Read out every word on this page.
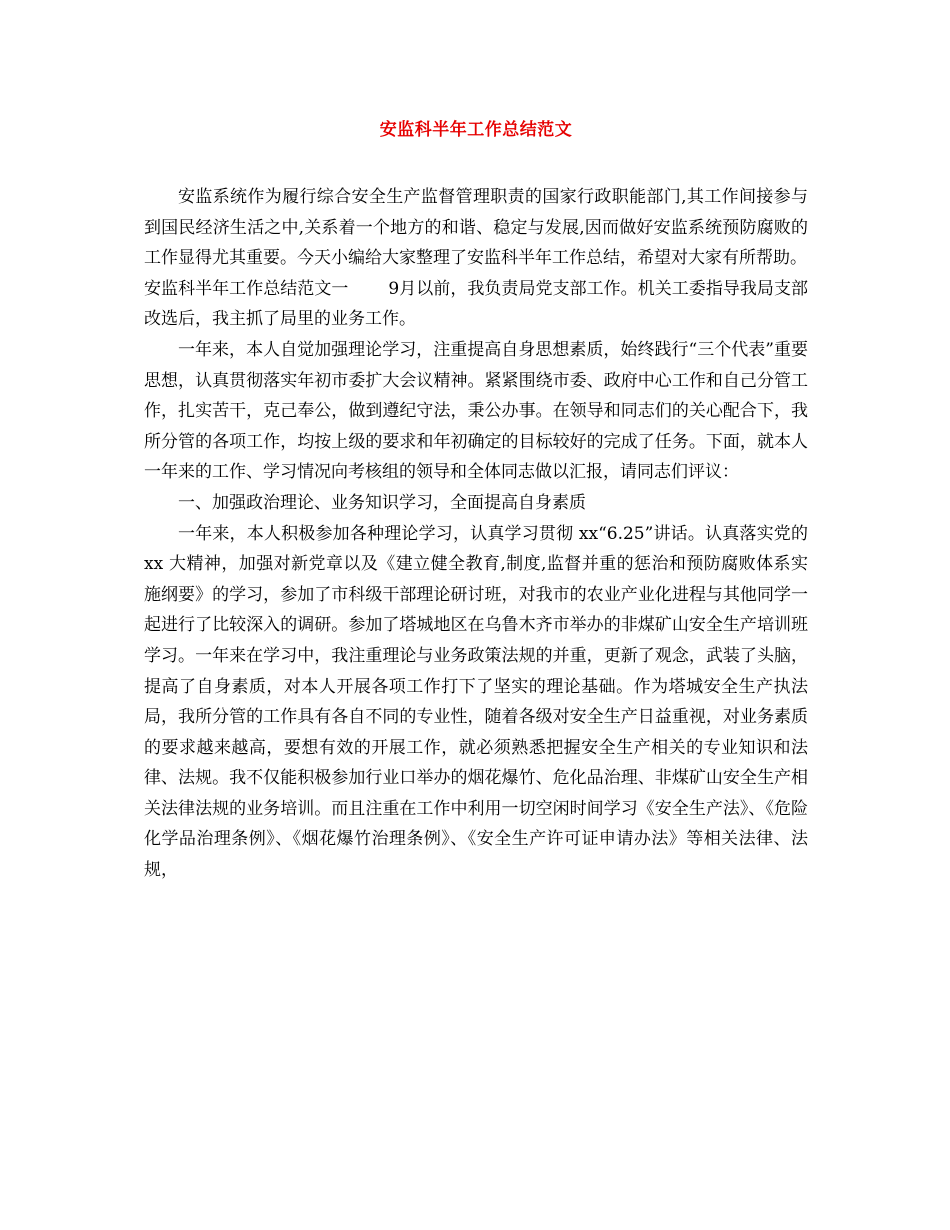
安监科半年工作总结范文

安监系统作为履行综合安全生产监督管理职责的国家行政职能部门,其工作间接参与到国民经济生活之中,关系着一个地方的和谐、稳定与发展,因而做好安监系统预防腐败的工作显得尤其重要。今天小编给大家整理了安监科半年工作总结，希望对大家有所帮助。

安监科半年工作总结范文一 9月以前，我负责局党支部工作。机关工委指导我局支部改选后，我主抓了局里的业务工作。

一年来，本人自觉加强理论学习，注重提高自身思想素质，始终践行“三个代表”重要思想，认真贯彻落实年初市委扩大会议精神。紧紧围绕市委、政府中心工作和自己分管工作，扎实苦干，克己奉公，做到遵纪守法，秉公办事。在领导和同志们的关心配合下，我所分管的各项工作，均按上级的要求和年初确定的目标较好的完成了任务。下面，就本人一年来的工作、学习情况向考核组的领导和全体同志做以汇报，请同志们评议：

一、加强政治理论、业务知识学习，全面提高自身素质

一年来，本人积极参加各种理论学习，认真学习贯彻 xx“6.25”讲话。认真落实党的 xx 大精神，加强对新党章以及《建立健全教育,制度,监督并重的惩治和预防腐败体系实施纲要》的学习，参加了市科级干部理论研讨班，对我市的农业产业化进程与其他同学一起进行了比较深入的调研。参加了塔城地区在乌鲁木齐市举办的非煤矿山安全生产培训班学习。一年来在学习中，我注重理论与业务政策法规的并重，更新了观念，武装了头脑，提高了自身素质，对本人开展各项工作打下了坚实的理论基础。作为塔城安全生产执法局，我所分管的工作具有各自不同的专业性，随着各级对安全生产日益重视，对业务素质的要求越来越高，要想有效的开展工作，就必须熟悉把握安全生产相关的专业知识和法律、法规。我不仅能积极参加行业口举办的烟花爆竹、危化品治理、非煤矿山安全生产相关法律法规的业务培训。而且注重在工作中利用一切空闲时间学习《安全生产法》、《危险化学品治理条例》、《烟花爆竹治理条例》、《安全生产许可证申请办法》等相关法律、法规，
